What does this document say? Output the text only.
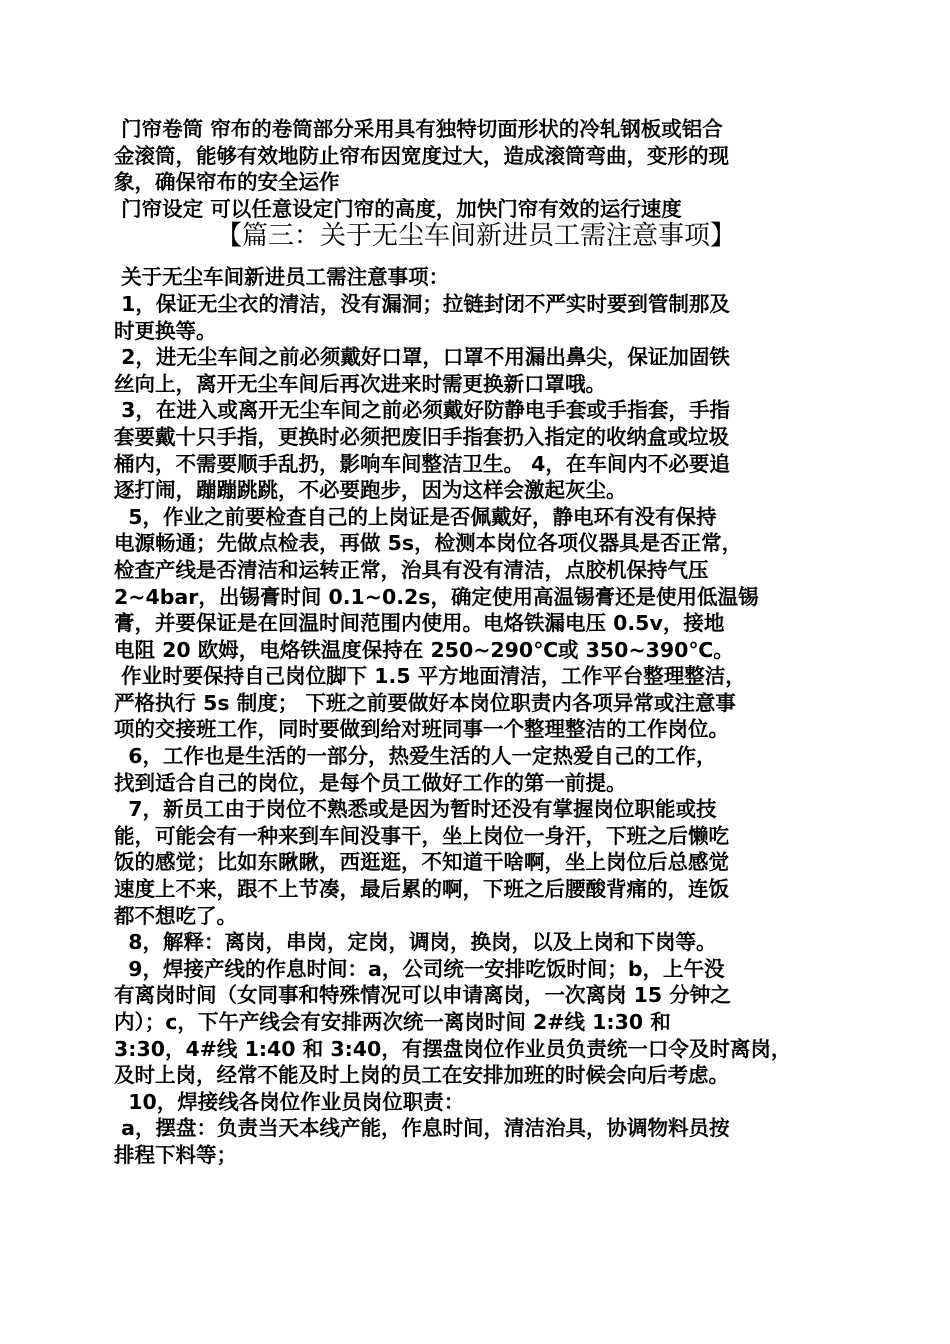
门帘卷筒 帘布的卷筒部分采用具有独特切面形状的冷轧钢板或铝合
金滚筒，能够有效地防止帘布因宽度过大，造成滚筒弯曲，变形的现
象，确保帘布的安全运作
门帘设定 可以任意设定门帘的高度，加快门帘有效的运行速度
【篇三：关于无尘车间新进员工需注意事项】
关于无尘车间新进员工需注意事项：
1，保证无尘衣的清洁，没有漏洞；拉链封闭不严实时要到管制那及
时更换等。
2，进无尘车间之前必须戴好口罩，口罩不用漏出鼻尖，保证加固铁
丝向上，离开无尘车间后再次进来时需更换新口罩哦。
3，在进入或离开无尘车间之前必须戴好防静电手套或手指套，手指
套要戴十只手指，更换时必须把废旧手指套扔入指定的收纳盒或垃圾
桶内，不需要顺手乱扔，影响车间整洁卫生。 4，在车间内不必要追
逐打闹，蹦蹦跳跳，不必要跑步，因为这样会激起灰尘。
5，作业之前要检查自己的上岗证是否佩戴好，静电环有没有保持
电源畅通；先做点检表，再做 5s，检测本岗位各项仪器具是否正常，
检查产线是否清洁和运转正常，治具有没有清洁，点胶机保持气压
2~4bar，出锡膏时间 0.1~0.2s，确定使用高温锡膏还是使用低温锡
膏，并要保证是在回温时间范围内使用。电烙铁漏电压 0.5v，接地
电阻 20 欧姆，电烙铁温度保持在 250~290℃或 350~390℃。
作业时要保持自己岗位脚下 1.5 平方地面清洁，工作平台整理整洁，
严格执行 5s 制度； 下班之前要做好本岗位职责内各项异常或注意事
项的交接班工作，同时要做到给对班同事一个整理整洁的工作岗位。
6，工作也是生活的一部分，热爱生活的人一定热爱自己的工作，
找到适合自己的岗位，是每个员工做好工作的第一前提。
7，新员工由于岗位不熟悉或是因为暂时还没有掌握岗位职能或技
能，可能会有一种来到车间没事干，坐上岗位一身汗，下班之后懒吃
饭的感觉；比如东瞅瞅，西逛逛，不知道干啥啊，坐上岗位后总感觉
速度上不来，跟不上节凑，最后累的啊，下班之后腰酸背痛的，连饭
都不想吃了。
8，解释：离岗，串岗，定岗，调岗，换岗，以及上岗和下岗等。
9，焊接产线的作息时间：a，公司统一安排吃饭时间；b，上午没
有离岗时间（女同事和特殊情况可以申请离岗，一次离岗 15 分钟之
内）；c，下午产线会有安排两次统一离岗时间 2#线 1:30 和
3:30，4#线 1:40 和 3:40，有摆盘岗位作业员负责统一口令及时离岗，
及时上岗，经常不能及时上岗的员工在安排加班的时候会向后考虑。
10，焊接线各岗位作业员岗位职责：
a，摆盘：负责当天本线产能，作息时间，清洁治具，协调物料员按
排程下料等；
